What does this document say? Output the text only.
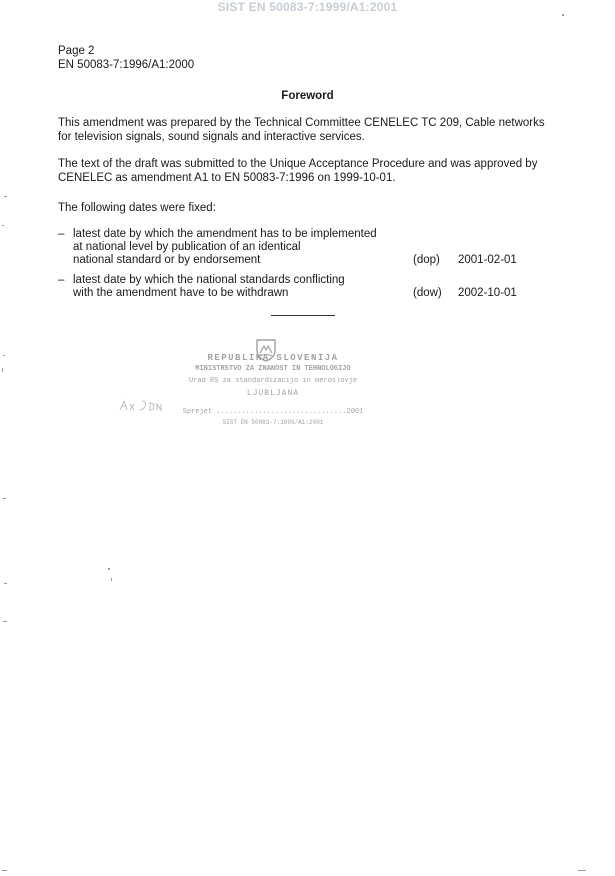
SIST EN 50083-7:1999/A1:2001
Page 2
EN 50083-7:1996/A1:2000
Foreword
This amendment was prepared by the Technical Committee CENELEC TC 209, Cable networks for television signals, sound signals and interactive services.
The text of the draft was submitted to the Unique Acceptance Procedure and was approved by CENELEC as amendment A1 to EN 50083-7:1996 on 1999-10-01.
The following dates were fixed:
– latest date by which the amendment has to be implemented
at national level by publication of an identical
national standard or by endorsement	(dop)	2001-02-01
– latest date by which the national standards conflicting
with the amendment have to be withdrawn	(dow)	2002-10-01
REPUBLIKA SLOVENIJA
MINISTRSTVO ZA ZNANOST IN TEHNOLOGIJO
Urad RS za standardizacijo in meroslovje
LJUBLJANA
Sprejet ...............................2001
SIST EN 50083-7:1999/A1:2001
